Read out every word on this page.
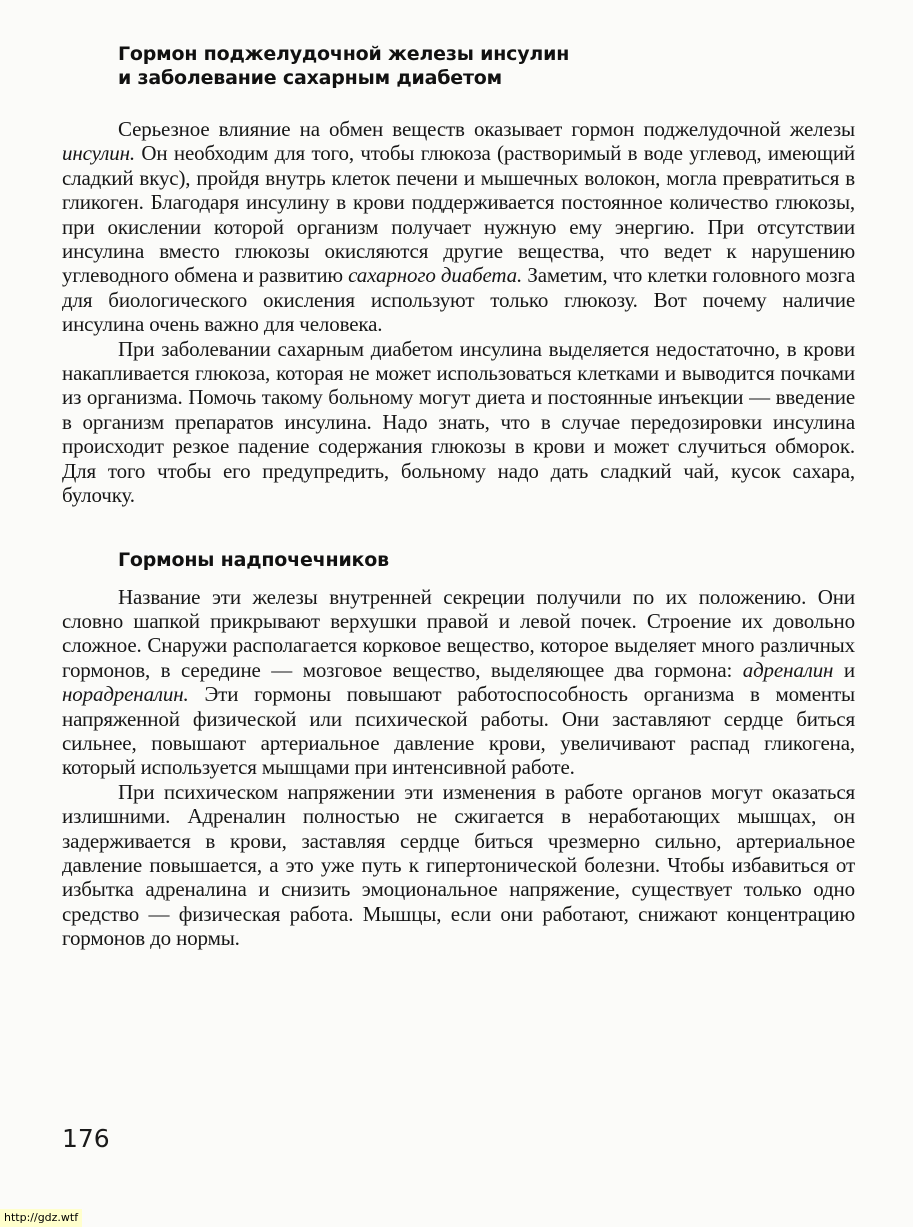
Гормон поджелудочной железы инсулин
и заболевание сахарным диабетом

Серьезное влияние на обмен веществ оказывает гормон поджелудочной железы инсулин. Он необходим для того, чтобы глюкоза (растворимый в воде углевод, имеющий сладкий вкус), пройдя внутрь клеток печени и мышечных волокон, могла превратиться в гликоген. Благодаря инсулину в крови поддерживается постоянное количество глюкозы, при окислении которой организм получает нужную ему энергию. При отсутствии инсулина вместо глюкозы окисляются другие вещества, что ведет к нарушению углеводного обмена и развитию сахарного диабета. Заметим, что клетки головного мозга для биологического окисления используют только глюкозу. Вот почему наличие инсулина очень важно для человека.

При заболевании сахарным диабетом инсулина выделяется недостаточно, в крови накапливается глюкоза, которая не может использоваться клетками и выводится почками из организма. Помочь такому больному могут диета и постоянные инъекции — введение в организм препаратов инсулина. Надо знать, что в случае передозировки инсулина происходит резкое падение содержания глюкозы в крови и может случиться обморок. Для того чтобы его предупредить, больному надо дать сладкий чай, кусок сахара, булочку.

Гормоны надпочечников

Название эти железы внутренней секреции получили по их положению. Они словно шапкой прикрывают верхушки правой и левой почек. Строение их довольно сложное. Снаружи располагается корковое вещество, которое выделяет много различных гормонов, в середине — мозговое вещество, выделяющее два гормона: адреналин и норадреналин. Эти гормоны повышают работоспособность организма в моменты напряженной физической или психической работы. Они заставляют сердце биться сильнее, повышают артериальное давление крови, увеличивают распад гликогена, который используется мышцами при интенсивной работе.

При психическом напряжении эти изменения в работе органов могут оказаться излишними. Адреналин полностью не сжигается в неработающих мышцах, он задерживается в крови, заставляя сердце биться чрезмерно сильно, артериальное давление повышается, а это уже путь к гипертонической болезни. Чтобы избавиться от избытка адреналина и снизить эмоциональное напряжение, существует только одно средство — физическая работа. Мышцы, если они работают, снижают концентрацию гормонов до нормы.

176
http://gdz.wtf
